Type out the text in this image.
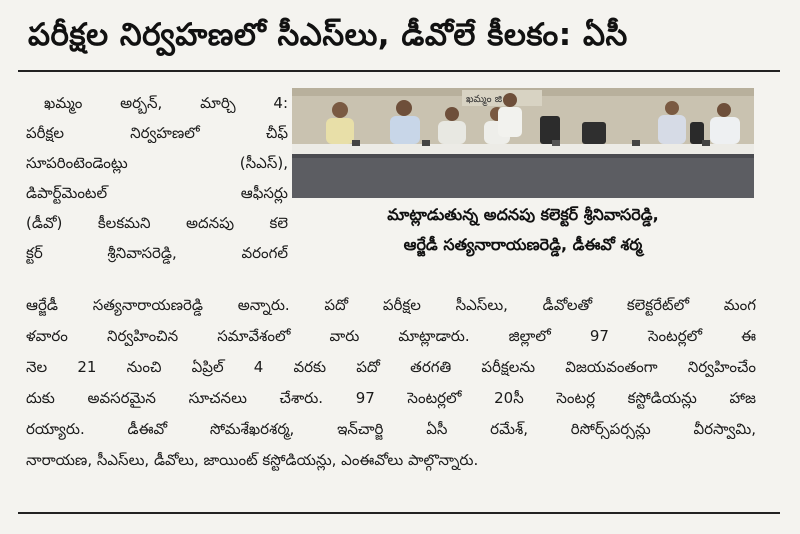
పరీక్షల నిర్వహణలో సీఎస్‌లు, డీవోలే కీలకం: ఏసీ
ఖమ్మం అర్బన్, మార్చి 4:
పరీక్షల నిర్వహణలో చీఫ్
సూపరింటెండెంట్లు (సీఎస్),
డిపార్ట్‌మెంటల్ ఆఫీసర్లు
(డీవో) కీలకమని అదనపు కలె
క్టర్ శ్రీనివాసరెడ్డి, వరంగల్
ఖమ్మం జి
మాట్లాడుతున్న అదనపు కలెక్టర్ శ్రీనివాసరెడ్డి,
ఆర్జేడీ సత్యనారాయణరెడ్డి, డీఈవో శర్మ
ఆర్జేడీ సత్యనారాయణరెడ్డి అన్నారు. పదో పరీక్షల సీఎస్‌లు, డీవోలతో కలెక్టరేట్‌లో మంగ
ళవారం నిర్వహించిన సమావేశంలో వారు మాట్లాడారు. జిల్లాలో 97 సెంటర్లలో ఈ
నెల 21 నుంచి ఏప్రిల్ 4 వరకు పదో తరగతి పరీక్షలను విజయవంతంగా నిర్వహించేం
దుకు అవసరమైన సూచనలు చేశారు. 97 సెంటర్లలో 20సీ సెంటర్ల కస్టోడియన్లు హాజ
రయ్యారు. డీఈవో సోమశేఖరశర్మ, ఇన్‌చార్జి ఏసీ రమేశ్, రిసోర్స్‌పర్సన్లు వీరస్వామి,
నారాయణ, సీఎస్‌లు, డీవోలు, జాయింట్ కస్టోడియన్లు, ఎంఈవోలు పాల్గొన్నారు.
